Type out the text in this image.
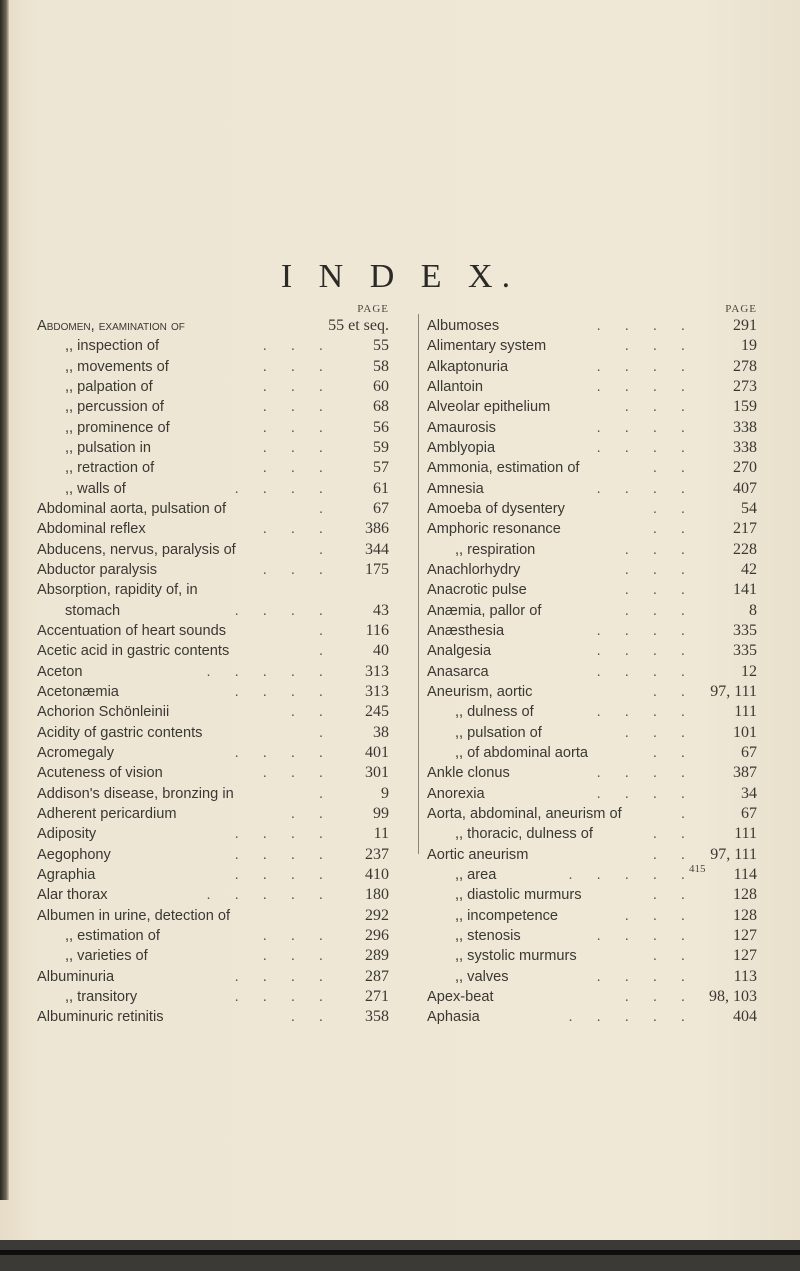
I N D E X.
PAGE
Abdomen, examination of	55 et seq.
,, inspection of	. . .	55
,, movements of	. . .	58
,, palpation of	. . .	60
,, percussion of	. . .	68
,, prominence of	. . .	56
,, pulsation in	. . .	59
,, retraction of	. . .	57
,, walls of	. . . .	61
Abdominal aorta, pulsation of	.	67
Abdominal reflex	. . . 386
Abducens, nervus, paralysis of	. 344
Abductor paralysis	. . . 175
Absorption, rapidity of, in
stomach	. . . .	43
Accentuation of heart sounds	. 116
Acetic acid in gastric contents	.	40
Aceton	. . . . . 313
Acetonæmia	. . . . 313
Achorion Schönleinii	. . 245
Acidity of gastric contents	.	38
Acromegaly	. . . . 401
Acuteness of vision	. . . 301
Addison's disease, bronzing in	.	9
Adherent pericardium	. .	99
Adiposity	. . . .	11
Aegophony	. . . . 237
Agraphia	. . . . 410
Alar thorax	. . . . . 180
Albumen in urine, detection of	292
,, estimation of	. . . 296
,, varieties of	. . . 289
Albuminuria	. . . . 287
,, transitory	. . . . 271
Albuminuric retinitis	. . 358
PAGE
Albumoses	. . . . 291
Alimentary system	. . .	19
Alkaptonuria	. . . . 278
Allantoin	. . . . 273
Alveolar epithelium	. . . 159
Amaurosis	. . . . 338
Amblyopia	. . . . 338
Ammonia, estimation of	. . 270
Amnesia	. . . . 407
Amoeba of dysentery	. .	54
Amphoric resonance	. . 217
,, respiration	. . . 228
Anachlorhydry	. . .	42
Anacrotic pulse	. . . 141
Anæmia, pallor of	. . .	8
Anæsthesia	. . . . 335
Analgesia	. . . . 335
Anasarca	. . . .	12
Aneurism, aortic	. . 97, 111
,, dulness of	. . . . 111
,, pulsation of	. . . 101
,, of abdominal aorta	. .	67
Ankle clonus	. . . . 387
Anorexia	. . . .	34
Aorta, abdominal, aneurism of	.	67
,, thoracic, dulness of	. . 111
Aortic aneurism	. . 97, 111
,, area	. . . . . 114
,, diastolic murmurs	. . 128
,, incompetence	. . . 128
,, stenosis	. . . . 127
,, systolic murmurs	. . 127
,, valves	. . . . 113
Apex-beat	. . . 98, 103
Aphasia	. . . . . 404
415
